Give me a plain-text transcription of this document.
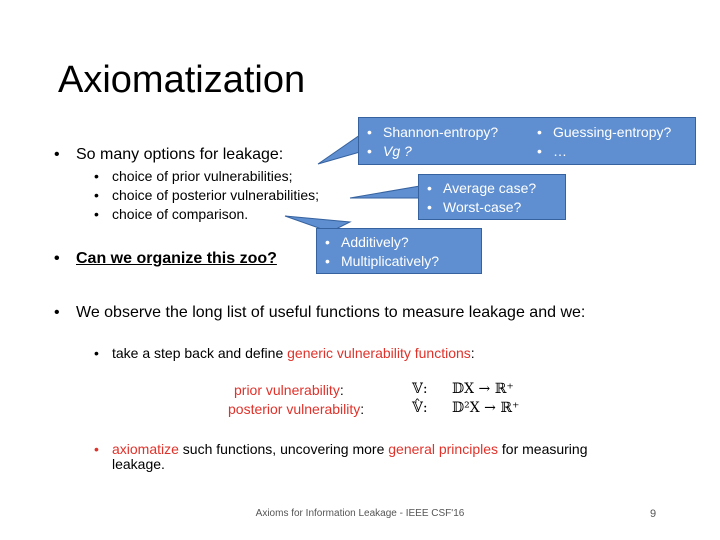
Axiomatization
• Shannon-entropy?
• Vg ?
• Guessing-entropy?
• …
• Average case?
• Worst-case?
• Additively?
• Multiplicatively?
• So many options for leakage:
• choice of prior vulnerabilities;
• choice of posterior vulnerabilities;
• choice of comparison.
• Can we organize this zoo?
• We observe the long list of useful functions to measure leakage and we:
• take a step back and define generic vulnerability functions:
prior vulnerability:	𝕍: 𝔻X → ℝ⁺
posterior vulnerability:	𝕍̂: 𝔻²X → ℝ⁺
• axiomatize such functions, uncovering more general principles for measuring
leakage.
Axioms for Information Leakage - IEEE CSF'16	9
